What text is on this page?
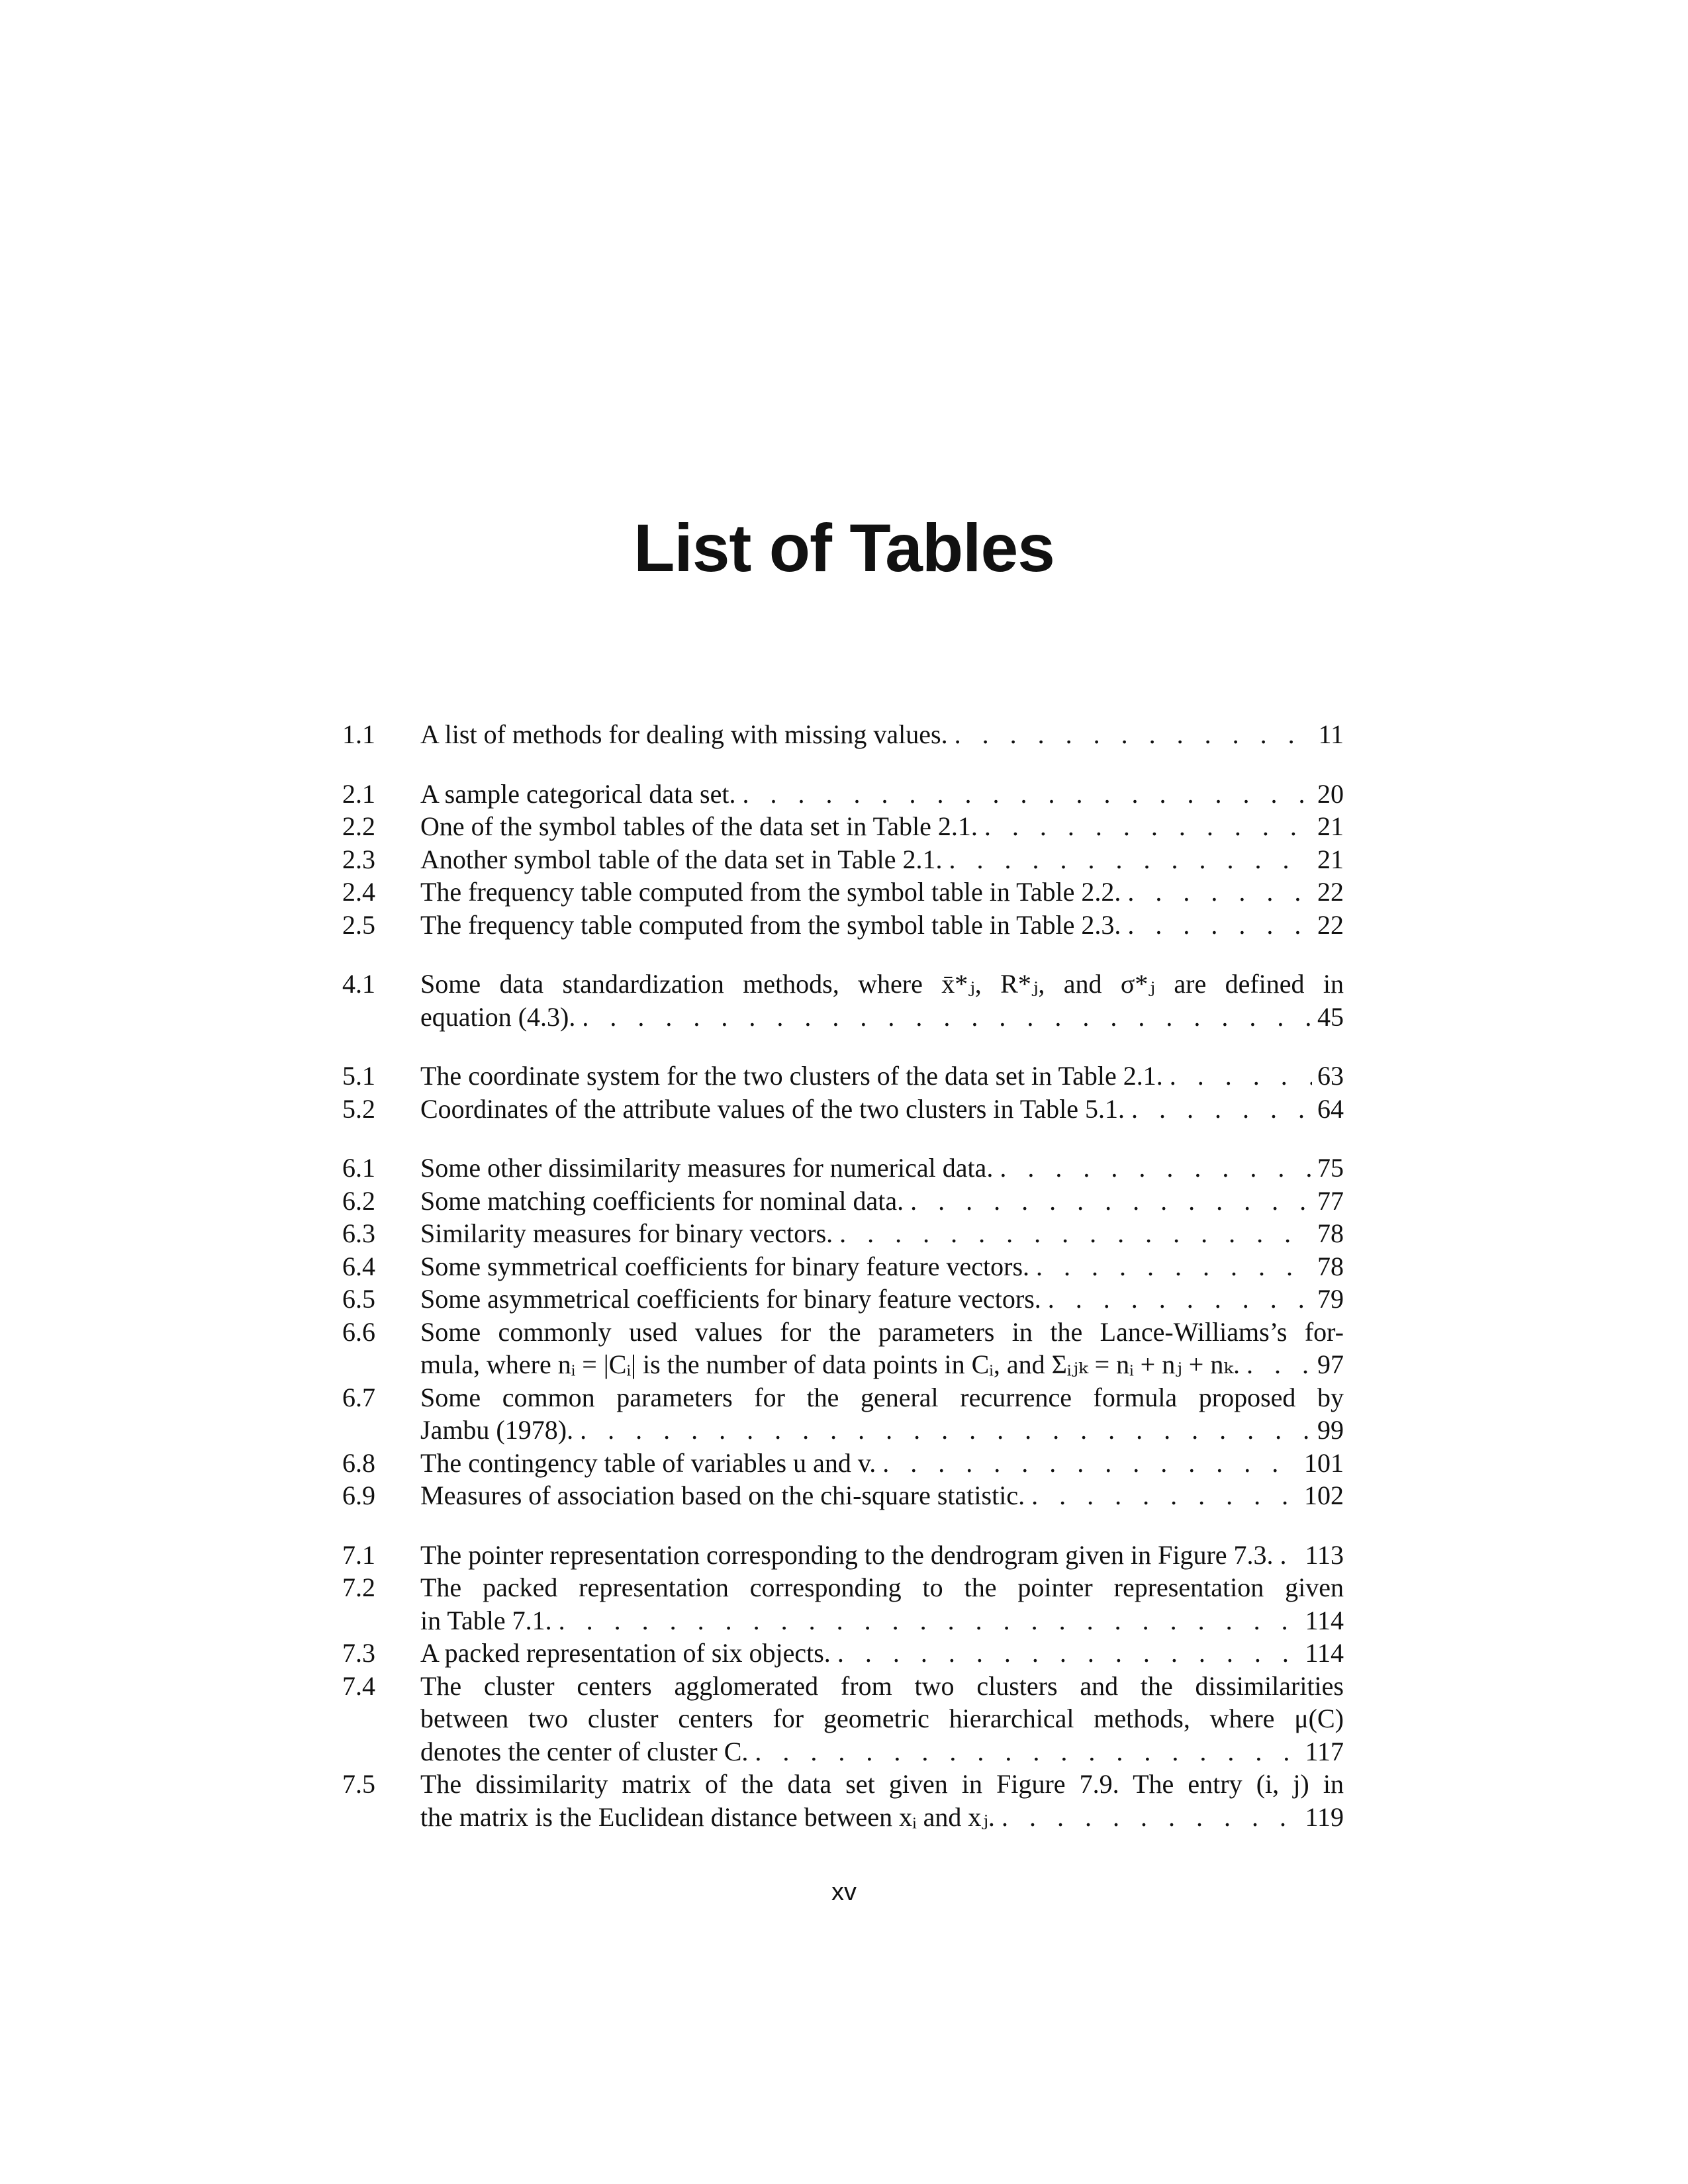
List of Tables
1.1	A list of methods for dealing with missing values. . . .	11
2.1	A sample categorical data set. . . .	20
2.2	One of the symbol tables of the data set in Table 2.1. . . .	21
2.3	Another symbol table of the data set in Table 2.1. . . .	21
2.4	The frequency table computed from the symbol table in Table 2.2. . . .	22
2.5	The frequency table computed from the symbol table in Table 2.3. . . .	22
4.1	Some data standardization methods, where x̄*ⱼ, R*ⱼ, and σ*ⱼ are defined in
equation (4.3). . . .	45
5.1	The coordinate system for the two clusters of the data set in Table 2.1. . . .	63
5.2	Coordinates of the attribute values of the two clusters in Table 5.1. . . .	64
6.1	Some other dissimilarity measures for numerical data. . . .	75
6.2	Some matching coefficients for nominal data. . . .	77
6.3	Similarity measures for binary vectors. . . .	78
6.4	Some symmetrical coefficients for binary feature vectors. . . .	78
6.5	Some asymmetrical coefficients for binary feature vectors. . . .	79
6.6	Some commonly used values for the parameters in the Lance-Williams’s for-
mula, where nᵢ = |Cᵢ| is the number of data points in Cᵢ, and Σᵢⱼₖ = nᵢ + nⱼ + nₖ. . . .	97
6.7	Some common parameters for the general recurrence formula proposed by
Jambu (1978). . . .	99
6.8	The contingency table of variables u and v. . . .	101
6.9	Measures of association based on the chi-square statistic. . . .	102
7.1	The pointer representation corresponding to the dendrogram given in Figure 7.3. . . . 113
7.2	The packed representation corresponding to the pointer representation given
in Table 7.1. . . .	114
7.3	A packed representation of six objects. . . .	114
7.4	The cluster centers agglomerated from two clusters and the dissimilarities
between two cluster centers for geometric hierarchical methods, where μ(C)
denotes the center of cluster C. . . .	117
7.5	The dissimilarity matrix of the data set given in Figure 7.9. The entry (i, j) in
the matrix is the Euclidean distance between xᵢ and xⱼ. . . .	119
xv
